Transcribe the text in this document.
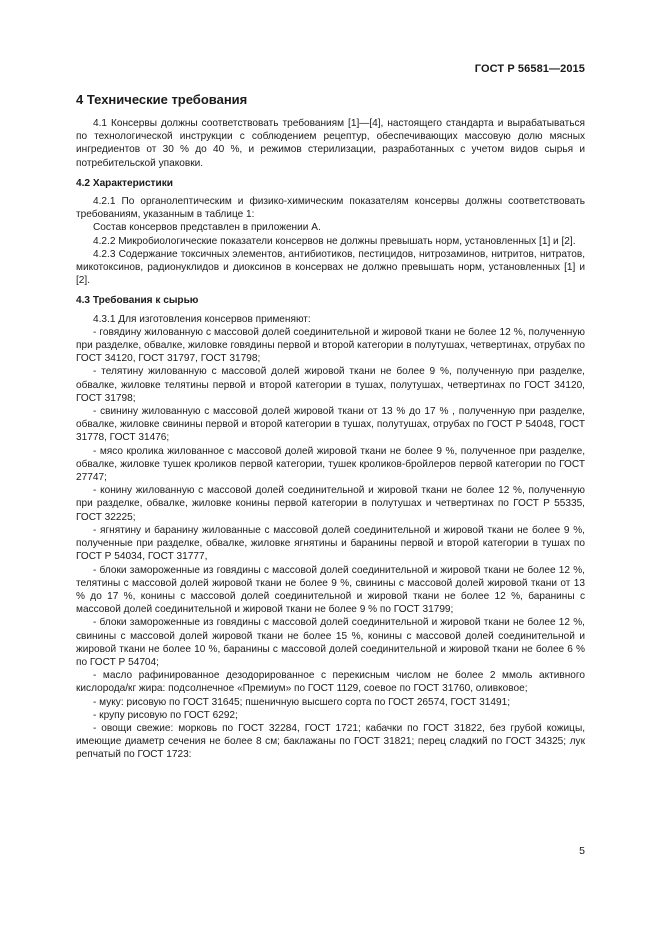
ГОСТ Р 56581—2015
4 Технические требования

4.1 Консервы должны соответствовать требованиям [1]—[4], настоящего стандарта и вырабатываться по технологической инструкции с соблюдением рецептур, обеспечивающих массовую долю мясных ингредиентов от 30 % до 40 %, и режимов стерилизации, разработанных с учетом видов сырья и потребительской упаковки.

4.2 Характеристики

4.2.1 По органолептическим и физико-химическим показателям консервы должны соответствовать требованиям, указанным в таблице 1:

Состав консервов представлен в приложении А.

4.2.2 Микробиологические показатели консервов не должны превышать норм, установленных [1] и [2].

4.2.3 Содержание токсичных элементов, антибиотиков, пестицидов, нитрозаминов, нитритов, нитратов, микотоксинов, радионуклидов и диоксинов в консервах не должно превышать норм, установленных [1] и [2].

4.3 Требования к сырью

4.3.1 Для изготовления консервов применяют:

- говядину жилованную с массовой долей соединительной и жировой ткани не более 12 %, полученную при разделке, обвалке, жиловке говядины первой и второй категории в полутушах, четвертинах, отрубах по ГОСТ 34120, ГОСТ 31797, ГОСТ 31798;

- телятину жилованную с массовой долей жировой ткани не более 9 %, полученную при разделке, обвалке, жиловке телятины первой и второй категории в тушах, полутушах, четвертинах по ГОСТ 34120, ГОСТ 31798;

- свинину жилованную с массовой долей жировой ткани от 13 % до 17 % , полученную при разделке, обвалке, жиловке свинины первой и второй категории в тушах, полутушах, отрубах по ГОСТ Р 54048, ГОСТ 31778, ГОСТ 31476;

- мясо кролика жилованное с массовой долей жировой ткани не более 9 %, полученное при разделке, обвалке, жиловке тушек кроликов первой категории, тушек кроликов-бройлеров первой категории по ГОСТ 27747;

- конину жилованную с массовой долей соединительной и жировой ткани не более 12 %, полученную при разделке, обвалке, жиловке конины первой категории в полутушах и четвертинах по ГОСТ Р 55335, ГОСТ 32225;

- ягнятину и баранину жилованные с массовой долей соединительной и жировой ткани не более 9 %, полученные при разделке, обвалке, жиловке ягнятины и баранины первой и второй категории в тушах по ГОСТ Р 54034, ГОСТ 31777,

- блоки замороженные из говядины с массовой долей соединительной и жировой ткани не более 12 %, телятины с массовой долей жировой ткани не более 9 %, свинины с массовой долей жировой ткани от 13 % до 17 %, конины с массовой долей соединительной и жировой ткани не более 12 %, баранины с массовой долей соединительной и жировой ткани не более 9 % по ГОСТ 31799;

- блоки замороженные из говядины с массовой долей соединительной и жировой ткани не более 12 %, свинины с массовой долей жировой ткани не более 15 %, конины с массовой долей соединительной и жировой ткани не более 10 %, баранины с массовой долей соединительной и жировой ткани не более 6 % по ГОСТ Р 54704;

- масло рафинированное дезодорированное с перекисным числом не более 2 ммоль активного кислорода/кг жира: подсолнечное «Премиум» по ГОСТ 1129, соевое по ГОСТ 31760, оливковое;

- муку: рисовую по ГОСТ 31645; пшеничную высшего сорта по ГОСТ 26574, ГОСТ 31491;

- крупу рисовую по ГОСТ 6292;

- овощи свежие: морковь по ГОСТ 32284, ГОСТ 1721; кабачки по ГОСТ 31822, без грубой кожицы, имеющие диаметр сечения не более 8 см; баклажаны по ГОСТ 31821; перец сладкий по ГОСТ 34325; лук репчатый по ГОСТ 1723:

5
